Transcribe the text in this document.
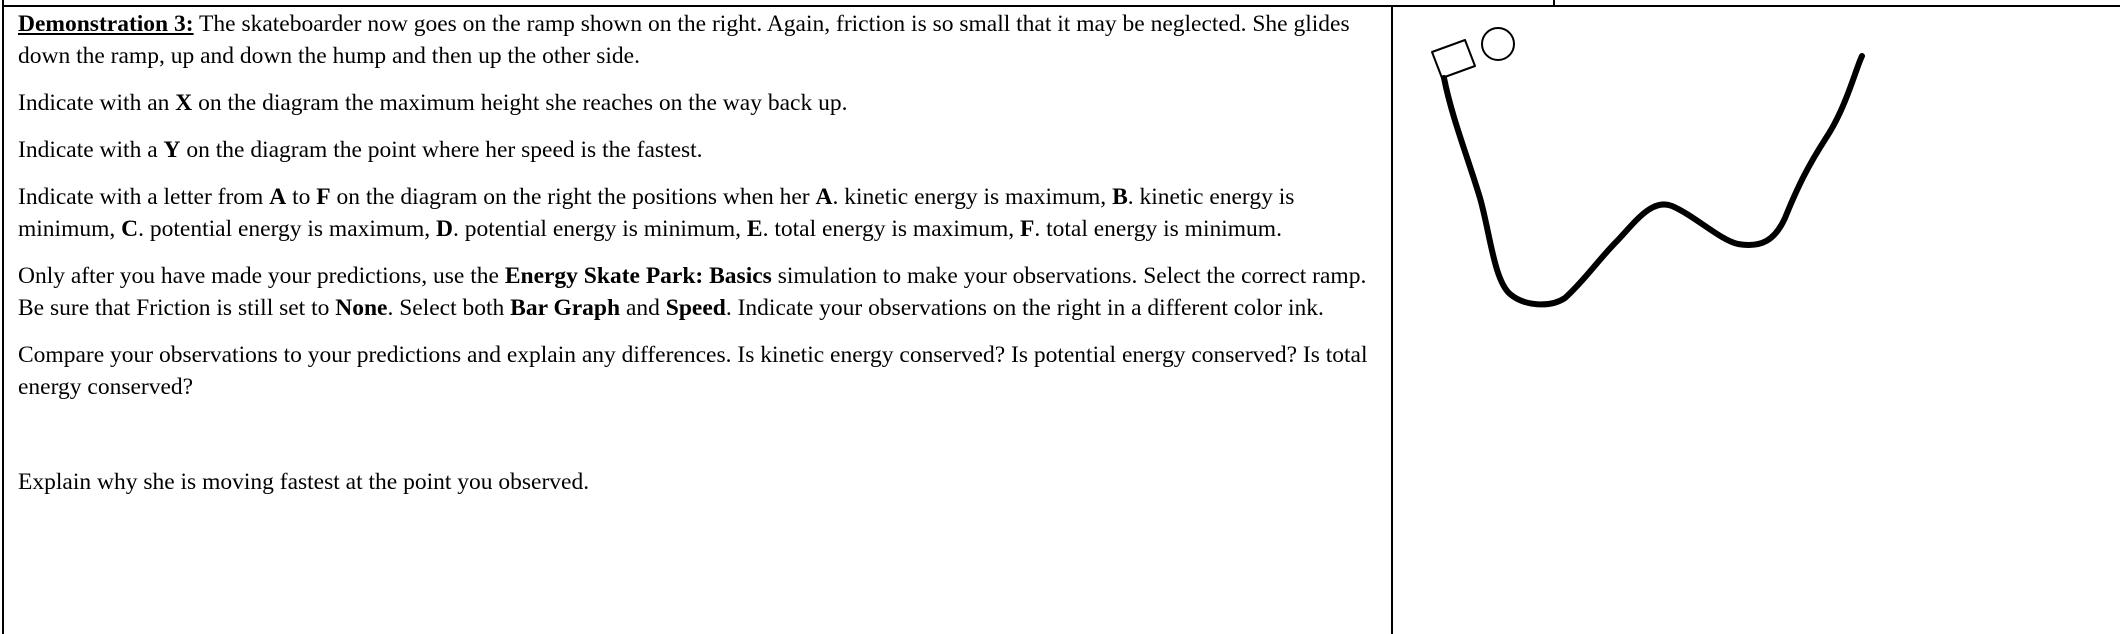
Demonstration 3: The skateboarder now goes on the ramp shown on the right. Again, friction is so small that it may be neglected. She glides down the ramp, up and down the hump and then up the other side.

Indicate with an X on the diagram the maximum height she reaches on the way back up.

Indicate with a Y on the diagram the point where her speed is the fastest.

Indicate with a letter from A to F on the diagram on the right the positions when her A. kinetic energy is maximum, B. kinetic energy is minimum, C. potential energy is maximum, D. potential energy is minimum, E. total energy is maximum, F. total energy is minimum.

Only after you have made your predictions, use the Energy Skate Park: Basics simulation to make your observations. Select the correct ramp. Be sure that Friction is still set to None. Select both Bar Graph and Speed. Indicate your observations on the right in a different color ink.

Compare your observations to your predictions and explain any differences. Is kinetic energy conserved? Is potential energy conserved? Is total energy conserved?

Explain why she is moving fastest at the point you observed.
